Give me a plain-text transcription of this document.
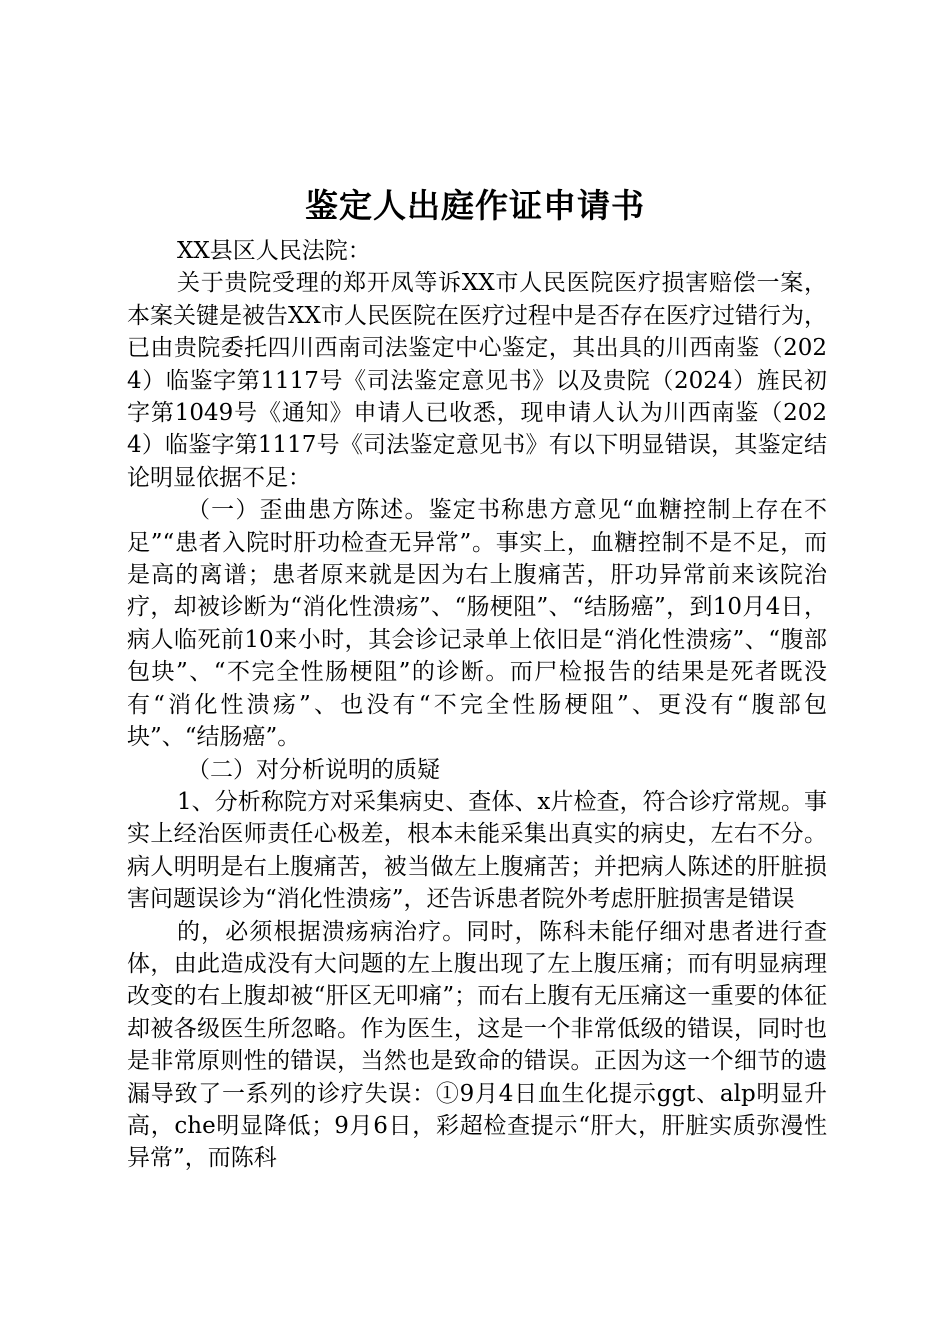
鉴定人出庭作证申请书

XX县区人民法院：

关于贵院受理的郑开凤等诉XX市人民医院医疗损害赔偿一案，本案关键是被告XX市人民医院在医疗过程中是否存在医疗过错行为，已由贵院委托四川西南司法鉴定中心鉴定，其出具的川西南鉴（2024）临鉴字第1117号《司法鉴定意见书》以及贵院（2024）旌民初字第1049号《通知》申请人已收悉，现申请人认为川西南鉴（2024）临鉴字第1117号《司法鉴定意见书》有以下明显错误，其鉴定结论明显依据不足：

（一）歪曲患方陈述。鉴定书称患方意见“血糖控制上存在不足”“患者入院时肝功检查无异常”。事实上，血糖控制不是不足，而是高的离谱；患者原来就是因为右上腹痛苦，肝功异常前来该院治疗，却被诊断为“消化性溃疡”、“肠梗阻”、“结肠癌”，到10月4日，病人临死前10来小时，其会诊记录单上依旧是“消化性溃疡”、“腹部包块”、“不完全性肠梗阻”的诊断。而尸检报告的结果是死者既没有“消化性溃疡”、也没有“不完全性肠梗阻”、更没有“腹部包块”、“结肠癌”。

（二）对分析说明的质疑

1、分析称院方对采集病史、查体、x片检查，符合诊疗常规。事实上经治医师责任心极差，根本未能采集出真实的病史，左右不分。病人明明是右上腹痛苦，被当做左上腹痛苦；并把病人陈述的肝脏损害问题误诊为“消化性溃疡”，还告诉患者院外考虑肝脏损害是错误

的，必须根据溃疡病治疗。同时，陈科未能仔细对患者进行查体，由此造成没有大问题的左上腹出现了左上腹压痛；而有明显病理改变的右上腹却被“肝区无叩痛”；而右上腹有无压痛这一重要的体征却被各级医生所忽略。作为医生，这是一个非常低级的错误，同时也是非常原则性的错误，当然也是致命的错误。正因为这一个细节的遗漏导致了一系列的诊疗失误：①9月4日血生化提示ggt、alp明显升高，che明显降低；9月6日，彩超检查提示“肝大，肝脏实质弥漫性异常”，而陈科
